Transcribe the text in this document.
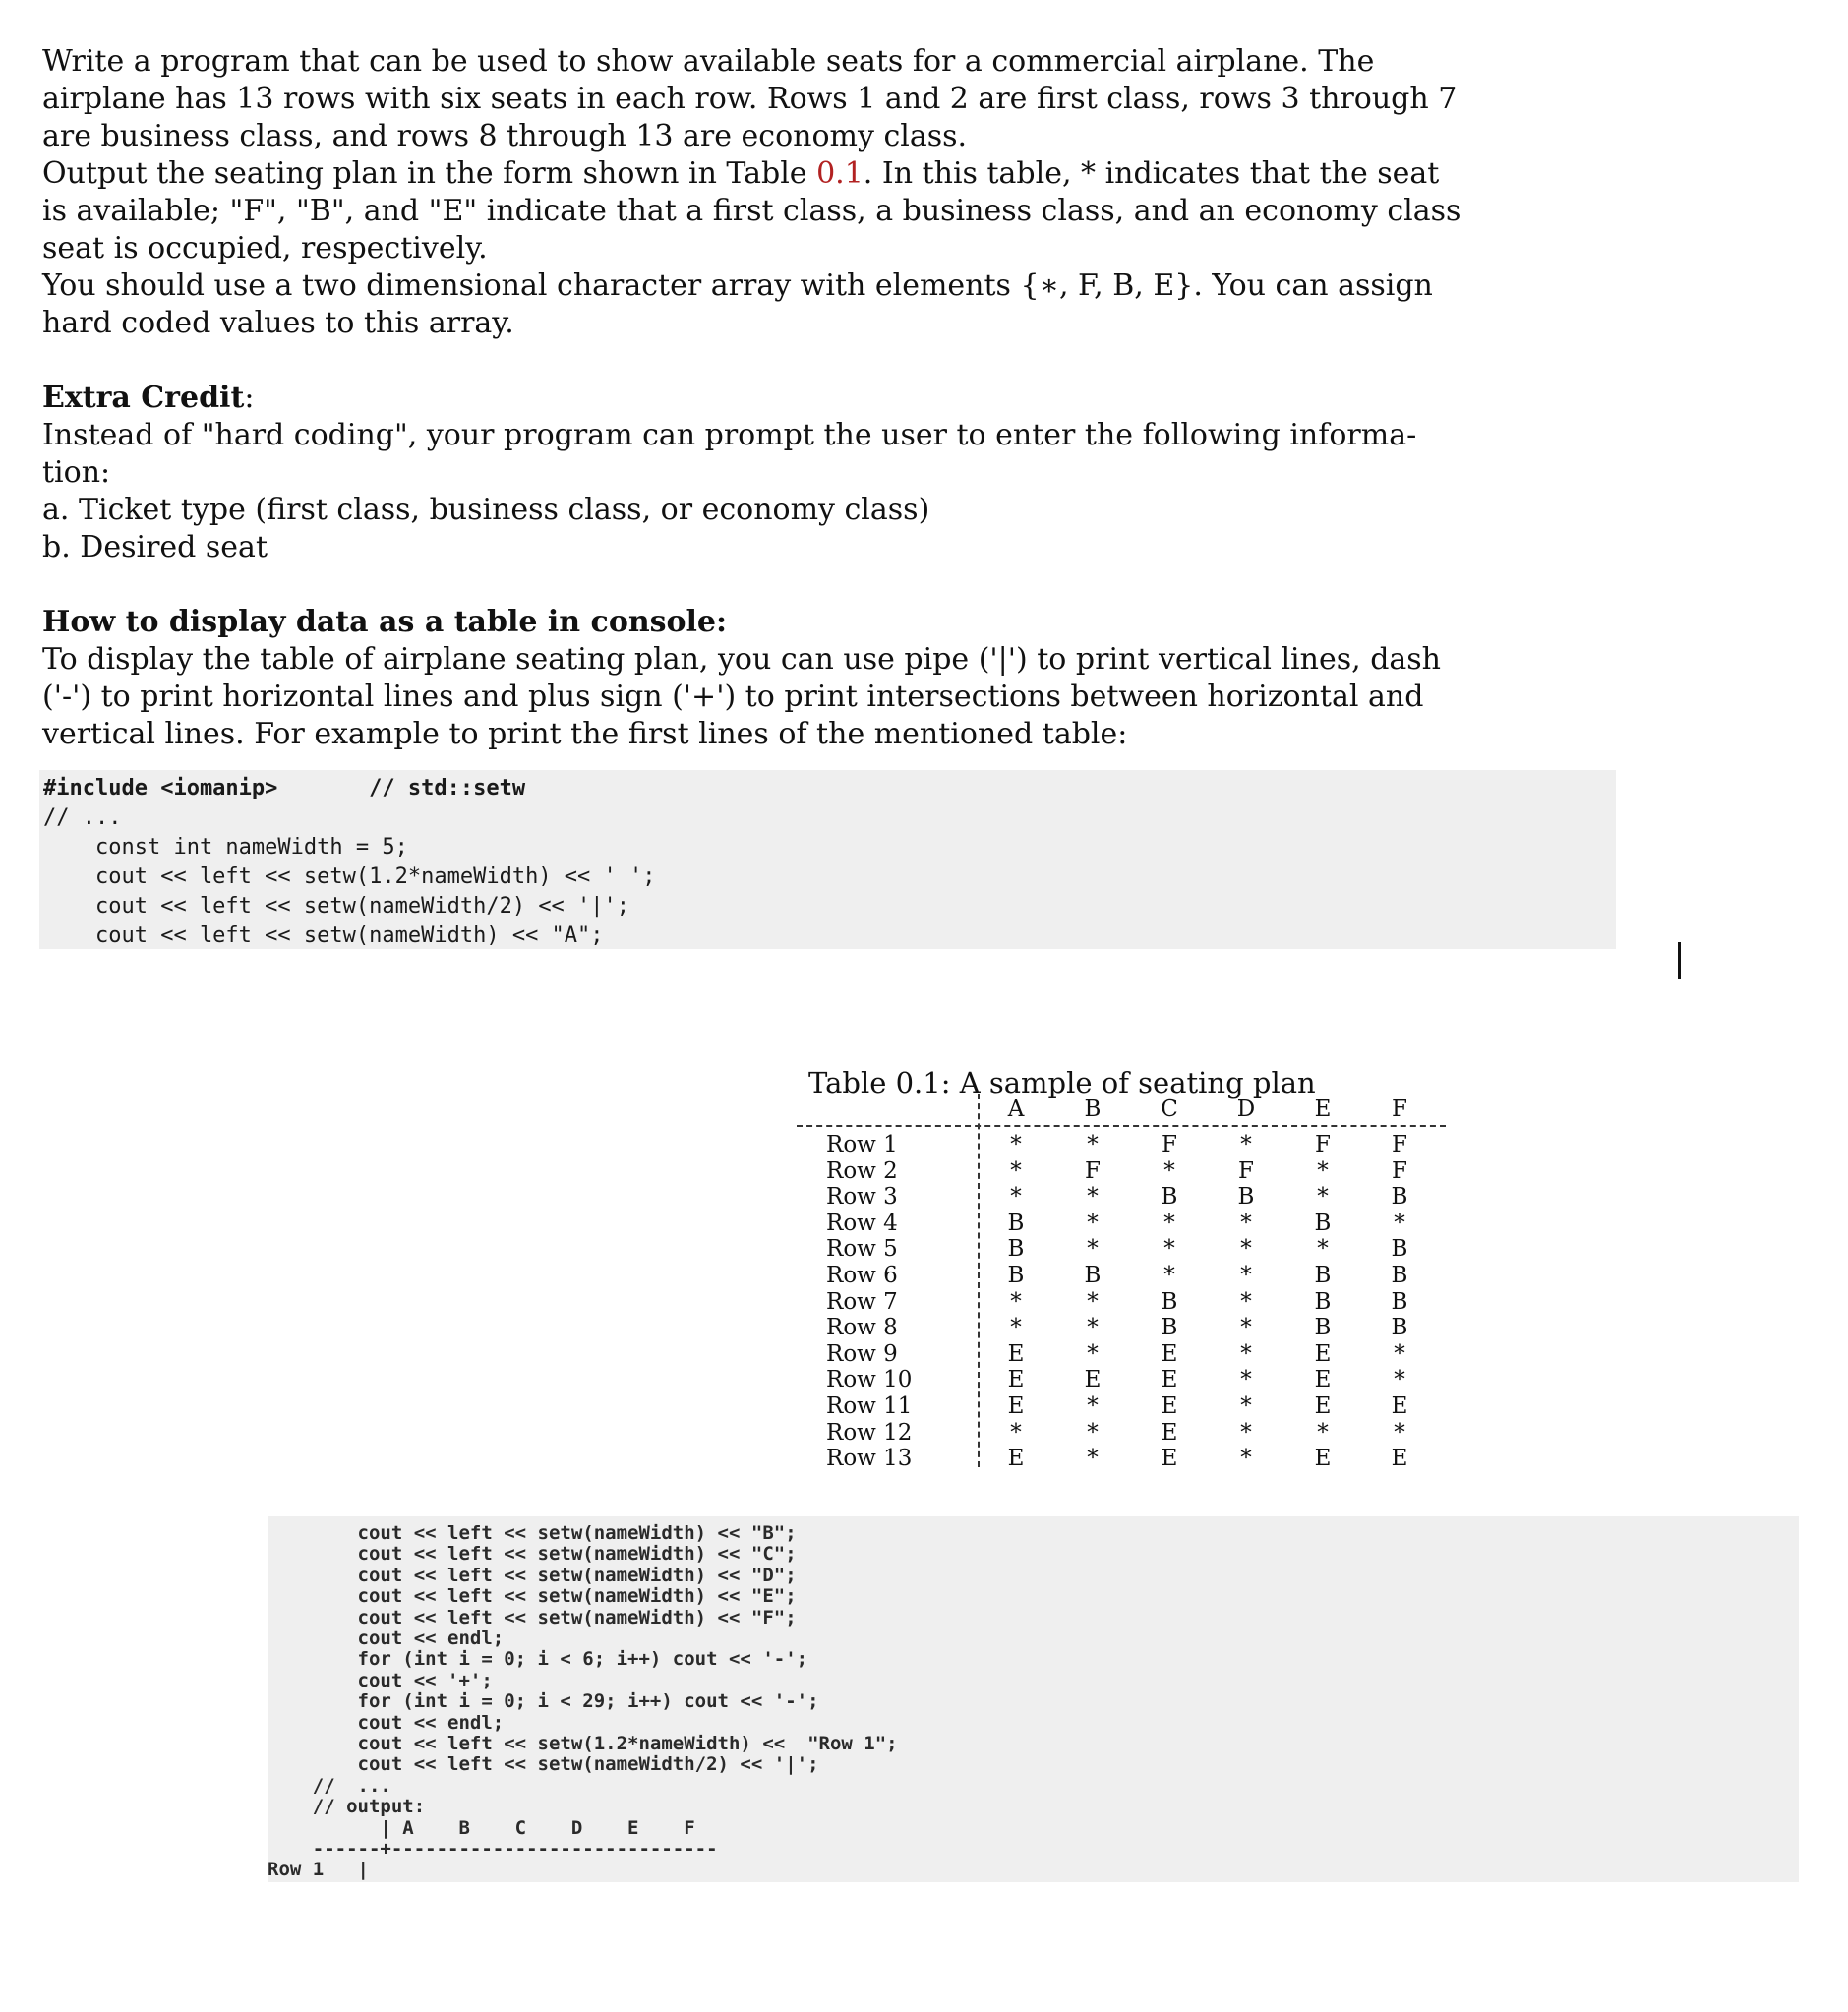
Write a program that can be used to show available seats for a commercial airplane. The
airplane has 13 rows with six seats in each row. Rows 1 and 2 are first class, rows 3 through 7
are business class, and rows 8 through 13 are economy class.
Output the seating plan in the form shown in Table 0.1. In this table, * indicates that the seat
is available; "F", "B", and "E" indicate that a first class, a business class, and an economy class
seat is occupied, respectively.
You should use a two dimensional character array with elements {∗, F, B, E}. You can assign
hard coded values to this array.
Extra Credit:
Instead of "hard coding", your program can prompt the user to enter the following informa-
tion:
a. Ticket type (first class, business class, or economy class)
b. Desired seat
How to display data as a table in console:
To display the table of airplane seating plan, you can use pipe ('|') to print vertical lines, dash
('-') to print horizontal lines and plus sign ('+') to print intersections between horizontal and
vertical lines. For example to print the first lines of the mentioned table:
#include <iomanip>       // std::setw
// ...
const int nameWidth = 5;
cout << left << setw(1.2*nameWidth) << ' ';
cout << left << setw(nameWidth/2) << '|';
cout << left << setw(nameWidth) << "A";
Table 0.1: A sample of seating plan
A	B	C	D	E	F
Row 1	*	*	F	*	F	F
Row 2	*	F	*	F	*	F
Row 3	*	*	B	B	*	B
Row 4	B	*	*	*	B	*
Row 5	B	*	*	*	*	B
Row 6	B	B	*	*	B	B
Row 7	*	*	B	*	B	B
Row 8	*	*	B	*	B	B
Row 9	E	*	E	*	E	*
Row 10	E	E	E	*	E	*
Row 11	E	*	E	*	E	E
Row 12	*	*	E	*	*	*
Row 13	E	*	E	*	E	E
cout << left << setw(nameWidth) << "B";
cout << left << setw(nameWidth) << "C";
cout << left << setw(nameWidth) << "D";
cout << left << setw(nameWidth) << "E";
cout << left << setw(nameWidth) << "F";
cout << endl;
for (int i = 0; i < 6; i++) cout << '-';
cout << '+';
for (int i = 0; i < 29; i++) cout << '-';
cout << endl;
cout << left << setw(1.2*nameWidth) <<  "Row 1";
cout << left << setw(nameWidth/2) << '|';
//  ...
// output:
| A    B    C    D    E    F
------+-----------------------------
Row 1   |
